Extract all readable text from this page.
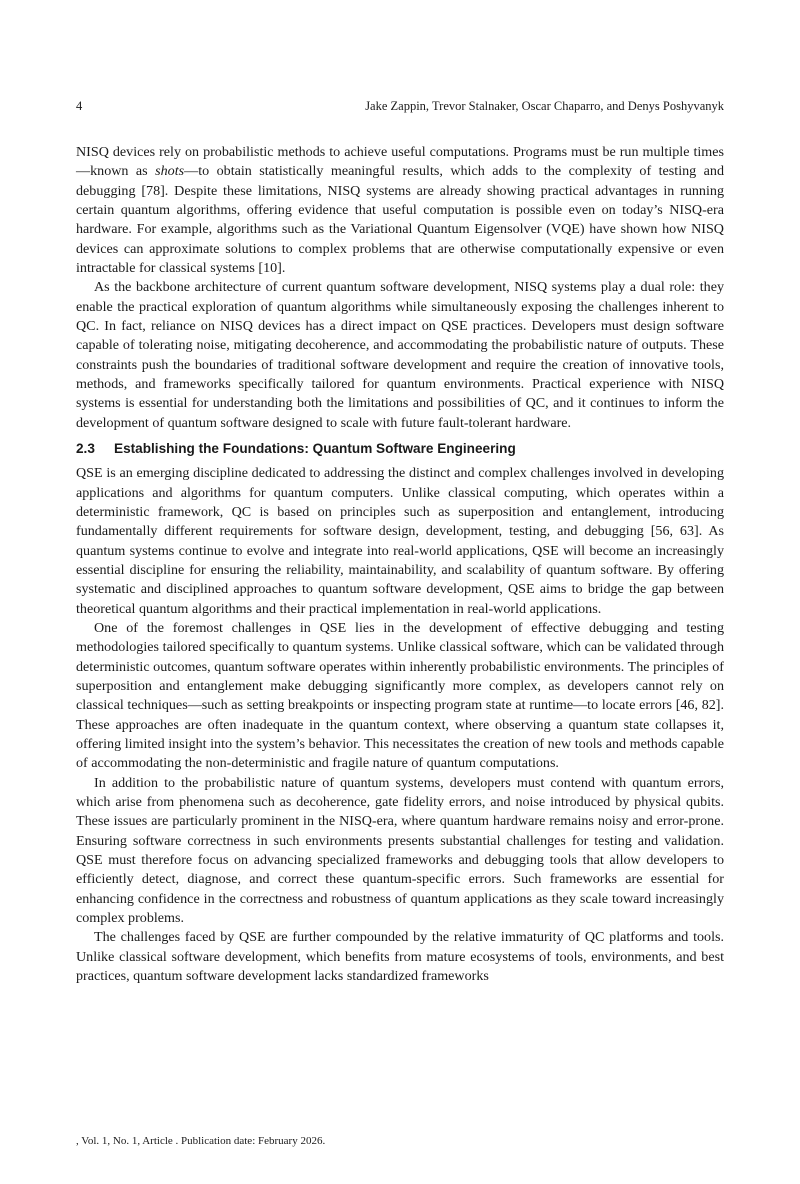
4	Jake Zappin, Trevor Stalnaker, Oscar Chaparro, and Denys Poshyvanyk

NISQ devices rely on probabilistic methods to achieve useful computations. Programs must be run multiple times—known as shots—to obtain statistically meaningful results, which adds to the complexity of testing and debugging [78]. Despite these limitations, NISQ systems are already showing practical advantages in running certain quantum algorithms, offering evidence that useful computation is possible even on today’s NISQ-era hardware. For example, algorithms such as the Variational Quantum Eigensolver (VQE) have shown how NISQ devices can approximate solutions to complex problems that are otherwise computationally expensive or even intractable for classical systems [10].

As the backbone architecture of current quantum software development, NISQ systems play a dual role: they enable the practical exploration of quantum algorithms while simultaneously exposing the challenges inherent to QC. In fact, reliance on NISQ devices has a direct impact on QSE practices. Developers must design software capable of tolerating noise, mitigating decoherence, and accommodating the probabilistic nature of outputs. These constraints push the boundaries of traditional software development and require the creation of innovative tools, methods, and frameworks specifically tailored for quantum environments. Practical experience with NISQ systems is essential for understanding both the limitations and possibilities of QC, and it continues to inform the development of quantum software designed to scale with future fault-tolerant hardware.

2.3 Establishing the Foundations: Quantum Software Engineering

QSE is an emerging discipline dedicated to addressing the distinct and complex challenges involved in developing applications and algorithms for quantum computers. Unlike classical computing, which operates within a deterministic framework, QC is based on principles such as superposition and entanglement, introducing fundamentally different requirements for software design, development, testing, and debugging [56, 63]. As quantum systems continue to evolve and integrate into real-world applications, QSE will become an increasingly essential discipline for ensuring the reliability, maintainability, and scalability of quantum software. By offering systematic and disciplined approaches to quantum software development, QSE aims to bridge the gap between theoretical quantum algorithms and their practical implementation in real-world applications.

One of the foremost challenges in QSE lies in the development of effective debugging and testing methodologies tailored specifically to quantum systems. Unlike classical software, which can be validated through deterministic outcomes, quantum software operates within inherently probabilistic environments. The principles of superposition and entanglement make debugging significantly more complex, as developers cannot rely on classical techniques—such as setting breakpoints or inspecting program state at runtime—to locate errors [46, 82]. These approaches are often inadequate in the quantum context, where observing a quantum state collapses it, offering limited insight into the system’s behavior. This necessitates the creation of new tools and methods capable of accommodating the non-deterministic and fragile nature of quantum computations.

In addition to the probabilistic nature of quantum systems, developers must contend with quantum errors, which arise from phenomena such as decoherence, gate fidelity errors, and noise introduced by physical qubits. These issues are particularly prominent in the NISQ-era, where quantum hardware remains noisy and error-prone. Ensuring software correctness in such environments presents substantial challenges for testing and validation. QSE must therefore focus on advancing specialized frameworks and debugging tools that allow developers to efficiently detect, diagnose, and correct these quantum-specific errors. Such frameworks are essential for enhancing confidence in the correctness and robustness of quantum applications as they scale toward increasingly complex problems.

The challenges faced by QSE are further compounded by the relative immaturity of QC platforms and tools. Unlike classical software development, which benefits from mature ecosystems of tools, environments, and best practices, quantum software development lacks standardized frameworks

, Vol. 1, No. 1, Article . Publication date: February 2026.
